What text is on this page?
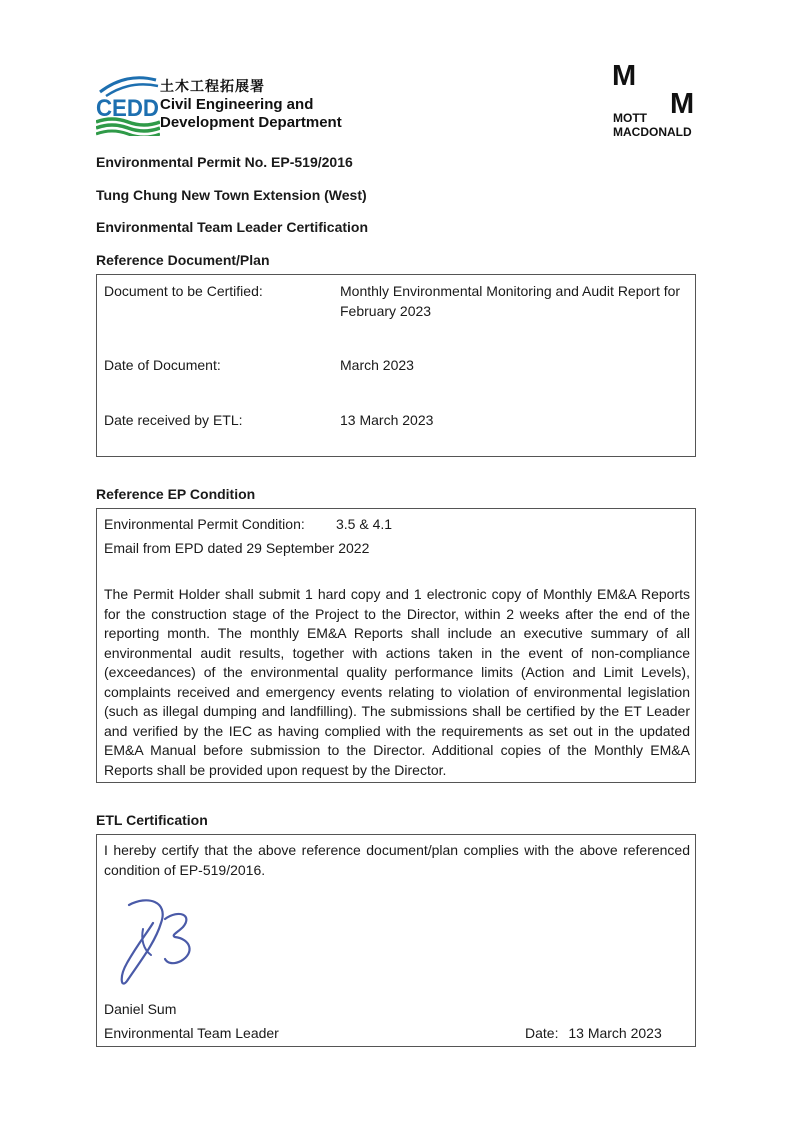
CEDD
土木工程拓展署
Civil Engineering and
Development Department
M
M
MOTT
MACDONALD
Environmental Permit No. EP-519/2016
Tung Chung New Town Extension (West)
Environmental Team Leader Certification
Reference Document/Plan
Document to be Certified:	Monthly Environmental Monitoring and Audit Report for February 2023
Date of Document:	March 2023
Date received by ETL:	13 March 2023
Reference EP Condition
Environmental Permit Condition: 3.5 & 4.1
Email from EPD dated 29 September 2022
The Permit Holder shall submit 1 hard copy and 1 electronic copy of Monthly EM&A Reports for the construction stage of the Project to the Director, within 2 weeks after the end of the reporting month. The monthly EM&A Reports shall include an executive summary of all environmental audit results, together with actions taken in the event of non-compliance (exceedances) of the environmental quality performance limits (Action and Limit Levels), complaints received and emergency events relating to violation of environmental legislation (such as illegal dumping and landfilling). The submissions shall be certified by the ET Leader and verified by the IEC as having complied with the requirements as set out in the updated EM&A Manual before submission to the Director. Additional copies of the Monthly EM&A Reports shall be provided upon request by the Director.
ETL Certification
I hereby certify that the above reference document/plan complies with the above referenced condition of EP-519/2016.
Daniel Sum
Environmental Team Leader	Date: 13 March 2023
